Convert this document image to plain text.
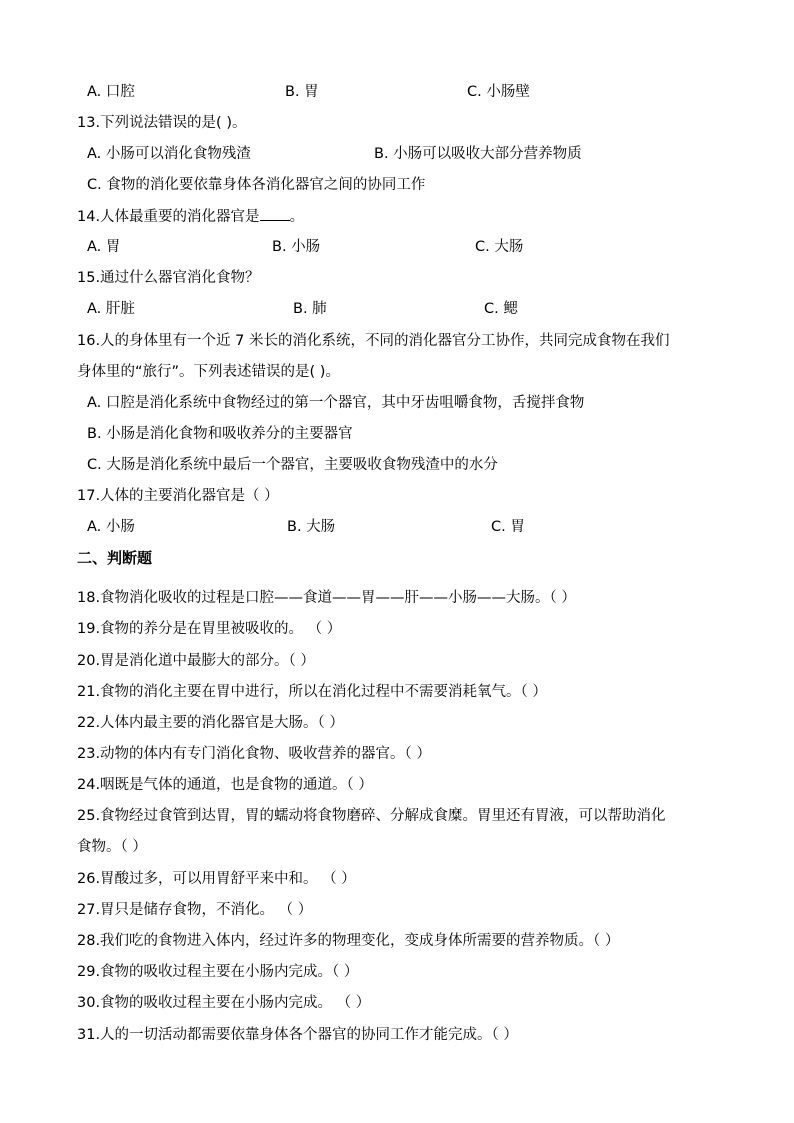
A. 口腔	B. 胃	C. 小肠壁
13.下列说法错误的是( )。
A. 小肠可以消化食物残渣	B. 小肠可以吸收大部分营养物质
C. 食物的消化要依靠身体各消化器官之间的协同工作
14.人体最重要的消化器官是 。
A. 胃	B. 小肠	C. 大肠
15.通过什么器官消化食物？
A. 肝脏	B. 肺	C. 鳃
16.人的身体里有一个近 7 米长的消化系统，不同的消化器官分工协作，共同完成食物在我们
身体里的“旅行”。下列表述错误的是( )。
A. 口腔是消化系统中食物经过的第一个器官，其中牙齿咀嚼食物，舌搅拌食物
B. 小肠是消化食物和吸收养分的主要器官
C. 大肠是消化系统中最后一个器官，主要吸收食物残渣中的水分
17.人体的主要消化器官是（ ）
A. 小肠	B. 大肠	C. 胃
二、判断题
18.食物消化吸收的过程是口腔——食道——胃——肝——小肠——大肠。（ ）
19.食物的养分是在胃里被吸收的。 （ ）
20.胃是消化道中最膨大的部分。（ ）
21.食物的消化主要在胃中进行，所以在消化过程中不需要消耗氧气。（ ）
22.人体内最主要的消化器官是大肠。（ ）
23.动物的体内有专门消化食物、吸收营养的器官。（ ）
24.咽既是气体的通道，也是食物的通道。（ ）
25.食物经过食管到达胃，胃的蠕动将食物磨碎、分解成食糜。胃里还有胃液，可以帮助消化
食物。（ ）
26.胃酸过多，可以用胃舒平来中和。 （ ）
27.胃只是储存食物，不消化。 （ ）
28.我们吃的食物进入体内，经过许多的物理变化，变成身体所需要的营养物质。（ ）
29.食物的吸收过程主要在小肠内完成。（ ）
30.食物的吸收过程主要在小肠内完成。 （ ）
31.人的一切活动都需要依靠身体各个器官的协同工作才能完成。（ ）
